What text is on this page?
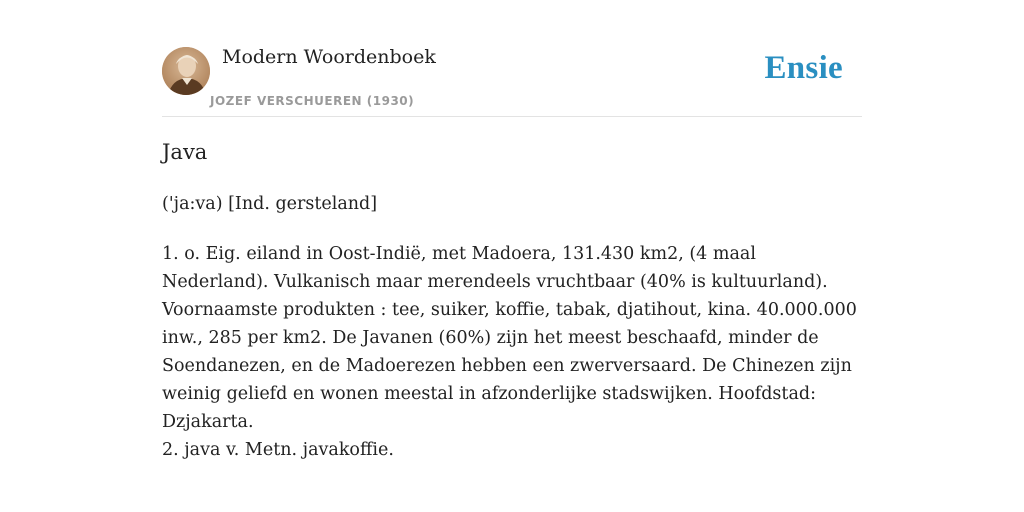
Modern Woordenboek
JOZEF VERSCHUEREN (1930)
Ensie
Java
('ja:va) [Ind. gersteland]

1. o. Eig. eiland in Oost-Indië, met Madoera, 131.430 km2, (4 maal Nederland). Vulkanisch maar merendeels vruchtbaar (40% is kultuurland). Voornaamste produkten : tee, suiker, koffie, tabak, djatihout, kina. 40.000.000 inw., 285 per km2. De Javanen (60%) zijn het meest beschaafd, minder de Soendanezen, en de Madoerezen hebben een zwerversaard. De Chinezen zijn weinig geliefd en wonen meestal in afzonderlijke stadswijken. Hoofdstad: Dzjakarta.

2. java v. Metn. javakoffie.
